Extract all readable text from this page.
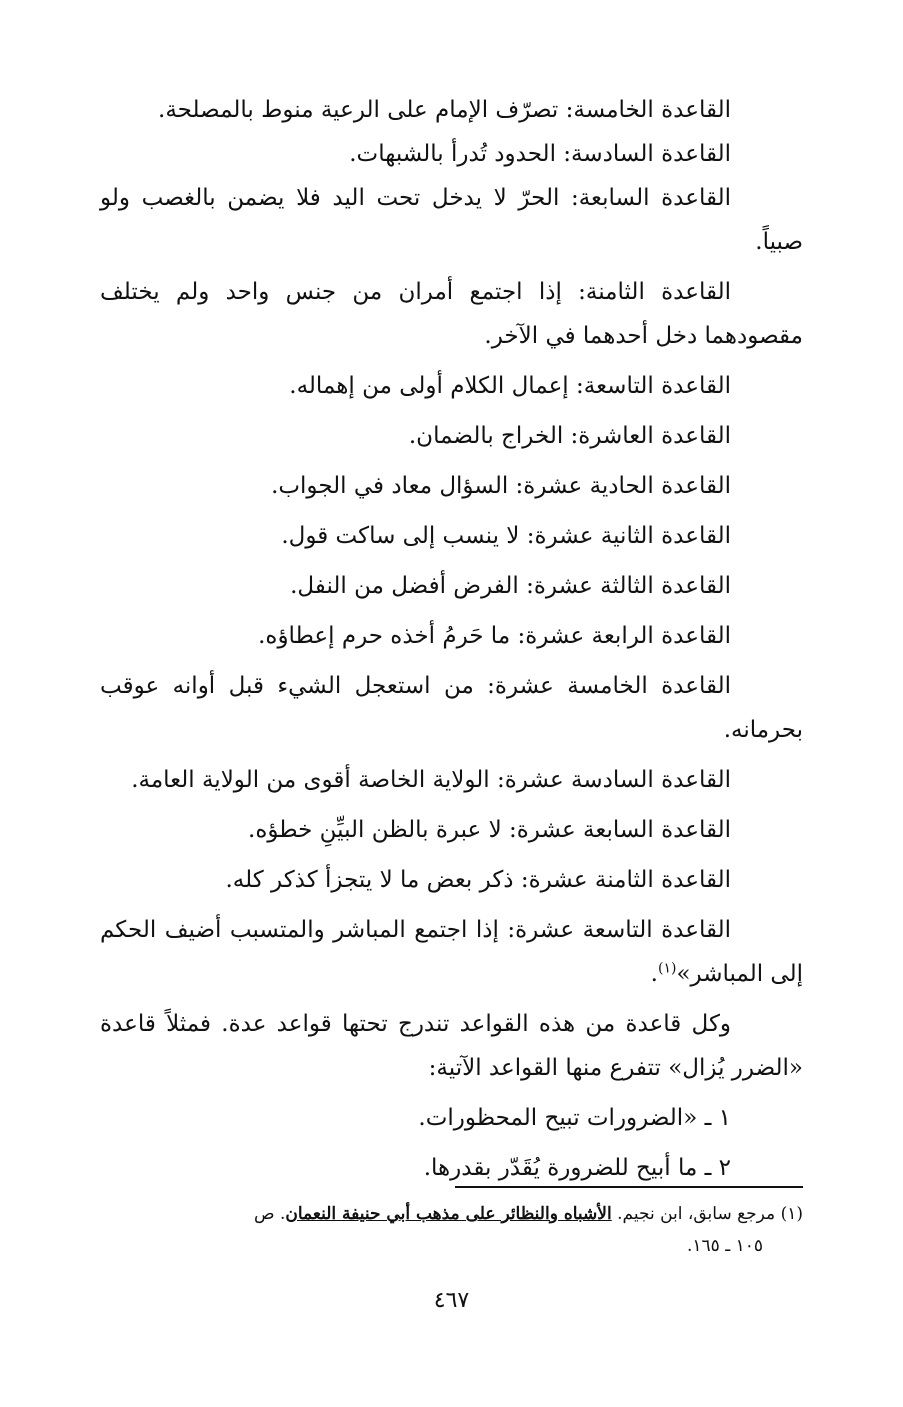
القاعدة الخامسة: تصرّف الإمام على الرعية منوط بالمصلحة.

القاعدة السادسة: الحدود تُدرأ بالشبهات.

القاعدة السابعة: الحرّ لا يدخل تحت اليد فلا يضمن بالغصب ولو

صبياً.

القاعدة الثامنة: إذا اجتمع أمران من جنس واحد ولم يختلف

مقصودهما دخل أحدهما في الآخر.

القاعدة التاسعة: إعمال الكلام أولى من إهماله.

القاعدة العاشرة: الخراج بالضمان.

القاعدة الحادية عشرة: السؤال معاد في الجواب.

القاعدة الثانية عشرة: لا ينسب إلى ساكت قول.

القاعدة الثالثة عشرة: الفرض أفضل من النفل.

القاعدة الرابعة عشرة: ما حَرمُ أخذه حرم إعطاؤه.

القاعدة الخامسة عشرة: من استعجل الشيء قبل أوانه عوقب

بحرمانه.

القاعدة السادسة عشرة: الولاية الخاصة أقوى من الولاية العامة.

القاعدة السابعة عشرة: لا عبرة بالظن البيِّنِ خطؤه.

القاعدة الثامنة عشرة: ذكر بعض ما لا يتجزأ كذكر كله.

القاعدة التاسعة عشرة: إذا اجتمع المباشر والمتسبب أضيف الحكم

إلى المباشر»$^{(١)}$.

وكل قاعدة من هذه القواعد تندرج تحتها قواعد عدة. فمثلاً قاعدة

«الضرر يُزال» تتفرع منها القواعد الآتية:

١ ـ «الضرورات تبيح المحظورات.

٢ ـ ما أبيح للضرورة يُقَدّر بقدرها.

(١) مرجع سابق، ابن نجيم. الأشباه والنظائر على مذهب أبي حنيفة النعمان. ص
١٠٥ ـ ١٦٥.
٤٦٧
